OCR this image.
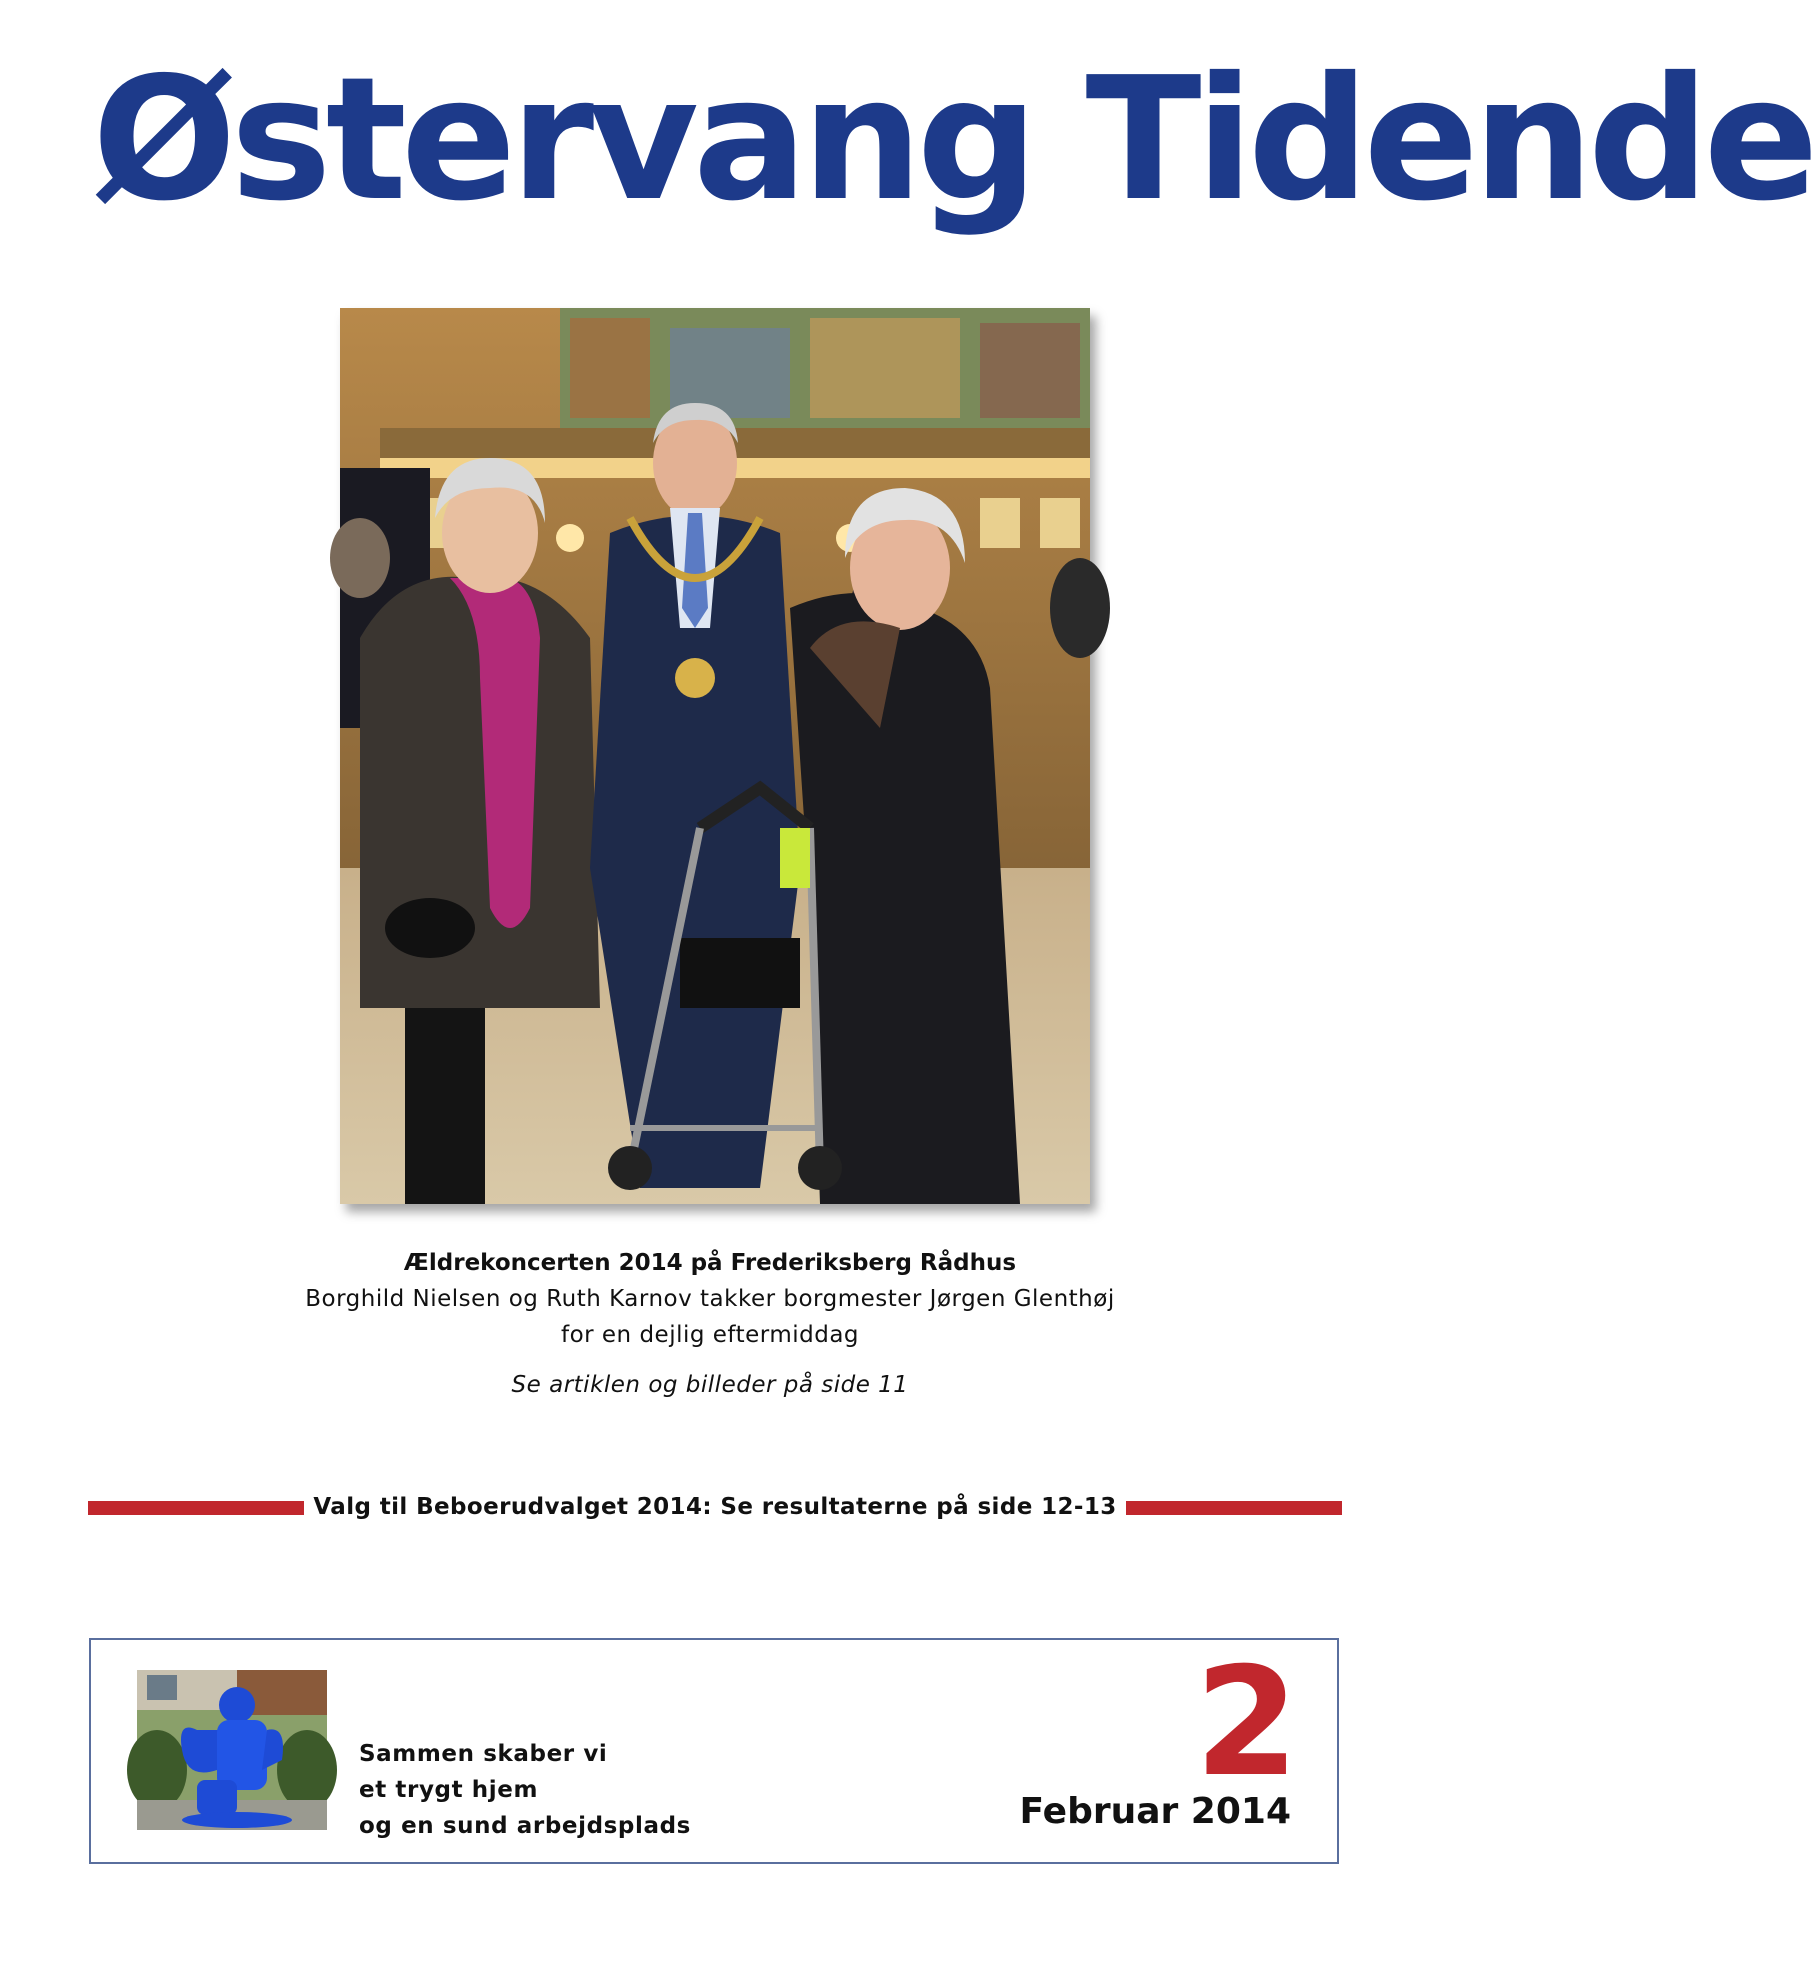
Østervang Tidende
Ældrekoncerten 2014 på Frederiksberg Rådhus
Borghild Nielsen og Ruth Karnov takker borgmester Jørgen Glenthøj
for en dejlig eftermiddag
Se artiklen og billeder på side 11
Valg til Beboerudvalget 2014: Se resultaterne på side 12-13
Sammen skaber vi
et trygt hjem
og en sund arbejdsplads
2
Februar 2014
